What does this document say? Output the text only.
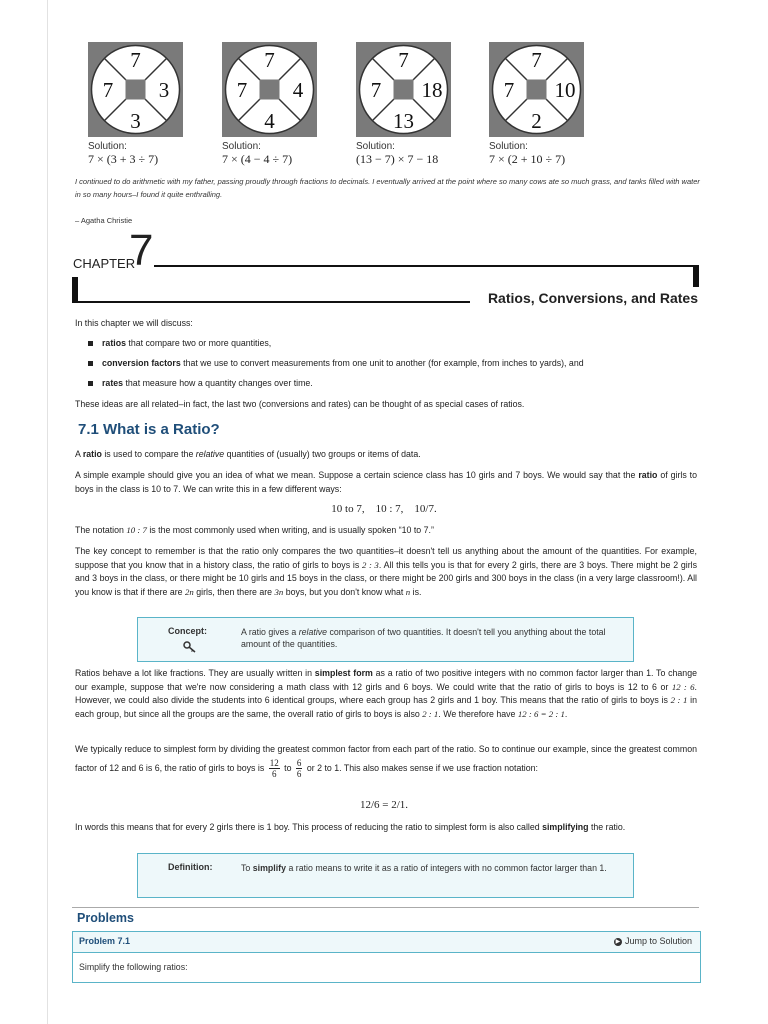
7
7 3
3
Solution:
7 × (3 + 3 ÷ 7)
7
7 4
4
Solution:
7 × (4 − 4 ÷ 7)
7
7 18
13
Solution:
(13 − 7) × 7 − 18
7
7 10
2
Solution:
7 × (2 + 10 ÷ 7)
I continued to do arithmetic with my father, passing proudly through fractions to decimals. I eventually arrived at the point where so many cows ate so much grass, and tanks filled with water in so many hours–I found it quite enthralling.
– Agatha Christie
CHAPTER
7
Ratios, Conversions, and Rates

In this chapter we will discuss:

ratios that compare two or more quantities,
conversion factors that we use to convert measurements from one unit to another (for example, from inches to yards), and
rates that measure how a quantity changes over time.

These ideas are all related–in fact, the last two (conversions and rates) can be thought of as special cases of ratios.

7.1 What is a Ratio?

A ratio is used to compare the relative quantities of (usually) two groups or items of data.

A simple example should give you an idea of what we mean. Suppose a certain science class has 10 girls and 7 boys. We would say that the ratio of girls to boys in the class is 10 to 7. We can write this in a few different ways:

10 to 7,    10 : 7,    10/7.

The notation 10 : 7 is the most commonly used when writing, and is usually spoken “10 to 7.”

The key concept to remember is that the ratio only compares the two quantities–it doesn't tell us anything about the amount of the quantities. For example, suppose that you know that in a history class, the ratio of girls to boys is 2 : 3. All this tells you is that for every 2 girls, there are 3 boys. There might be 2 girls and 3 boys in the class, or there might be 10 girls and 15 boys in the class, or there might be 200 girls and 300 boys in the class (in a very large classroom!). All you know is that if there are 2n girls, then there are 3n boys, but you don't know what n is.

Concept:	A ratio gives a relative comparison of two quantities. It doesn't tell you anything about the total amount of the quantities.

Ratios behave a lot like fractions. They are usually written in simplest form as a ratio of two positive integers with no common factor larger than 1. To change our example, suppose that we're now considering a math class with 12 girls and 6 boys. We could write that the ratio of girls to boys is 12 to 6 or 12 : 6. However, we could also divide the students into 6 identical groups, where each group has 2 girls and 1 boy. This means that the ratio of girls to boys is 2 : 1 in each group, but since all the groups are the same, the overall ratio of girls to boys is also 2 : 1. We therefore have 12 : 6 = 2 : 1.

We typically reduce to simplest form by dividing the greatest common factor from each part of the ratio. So to continue our example, since the greatest common factor of 12 and 6 is 6, the ratio of girls to boys is $\frac{12}{6}$ to $\frac{6}{6}$ or 2 to 1. This also makes sense if we use fraction notation:

12/6 = 2/1.

In words this means that for every 2 girls there is 1 boy. This process of reducing the ratio to simplest form is also called simplifying the ratio.

Definition:	To simplify a ratio means to write it as a ratio of integers with no common factor larger than 1.
Problems
Problem 7.1	▶ Jump to Solution
Simplify the following ratios:
